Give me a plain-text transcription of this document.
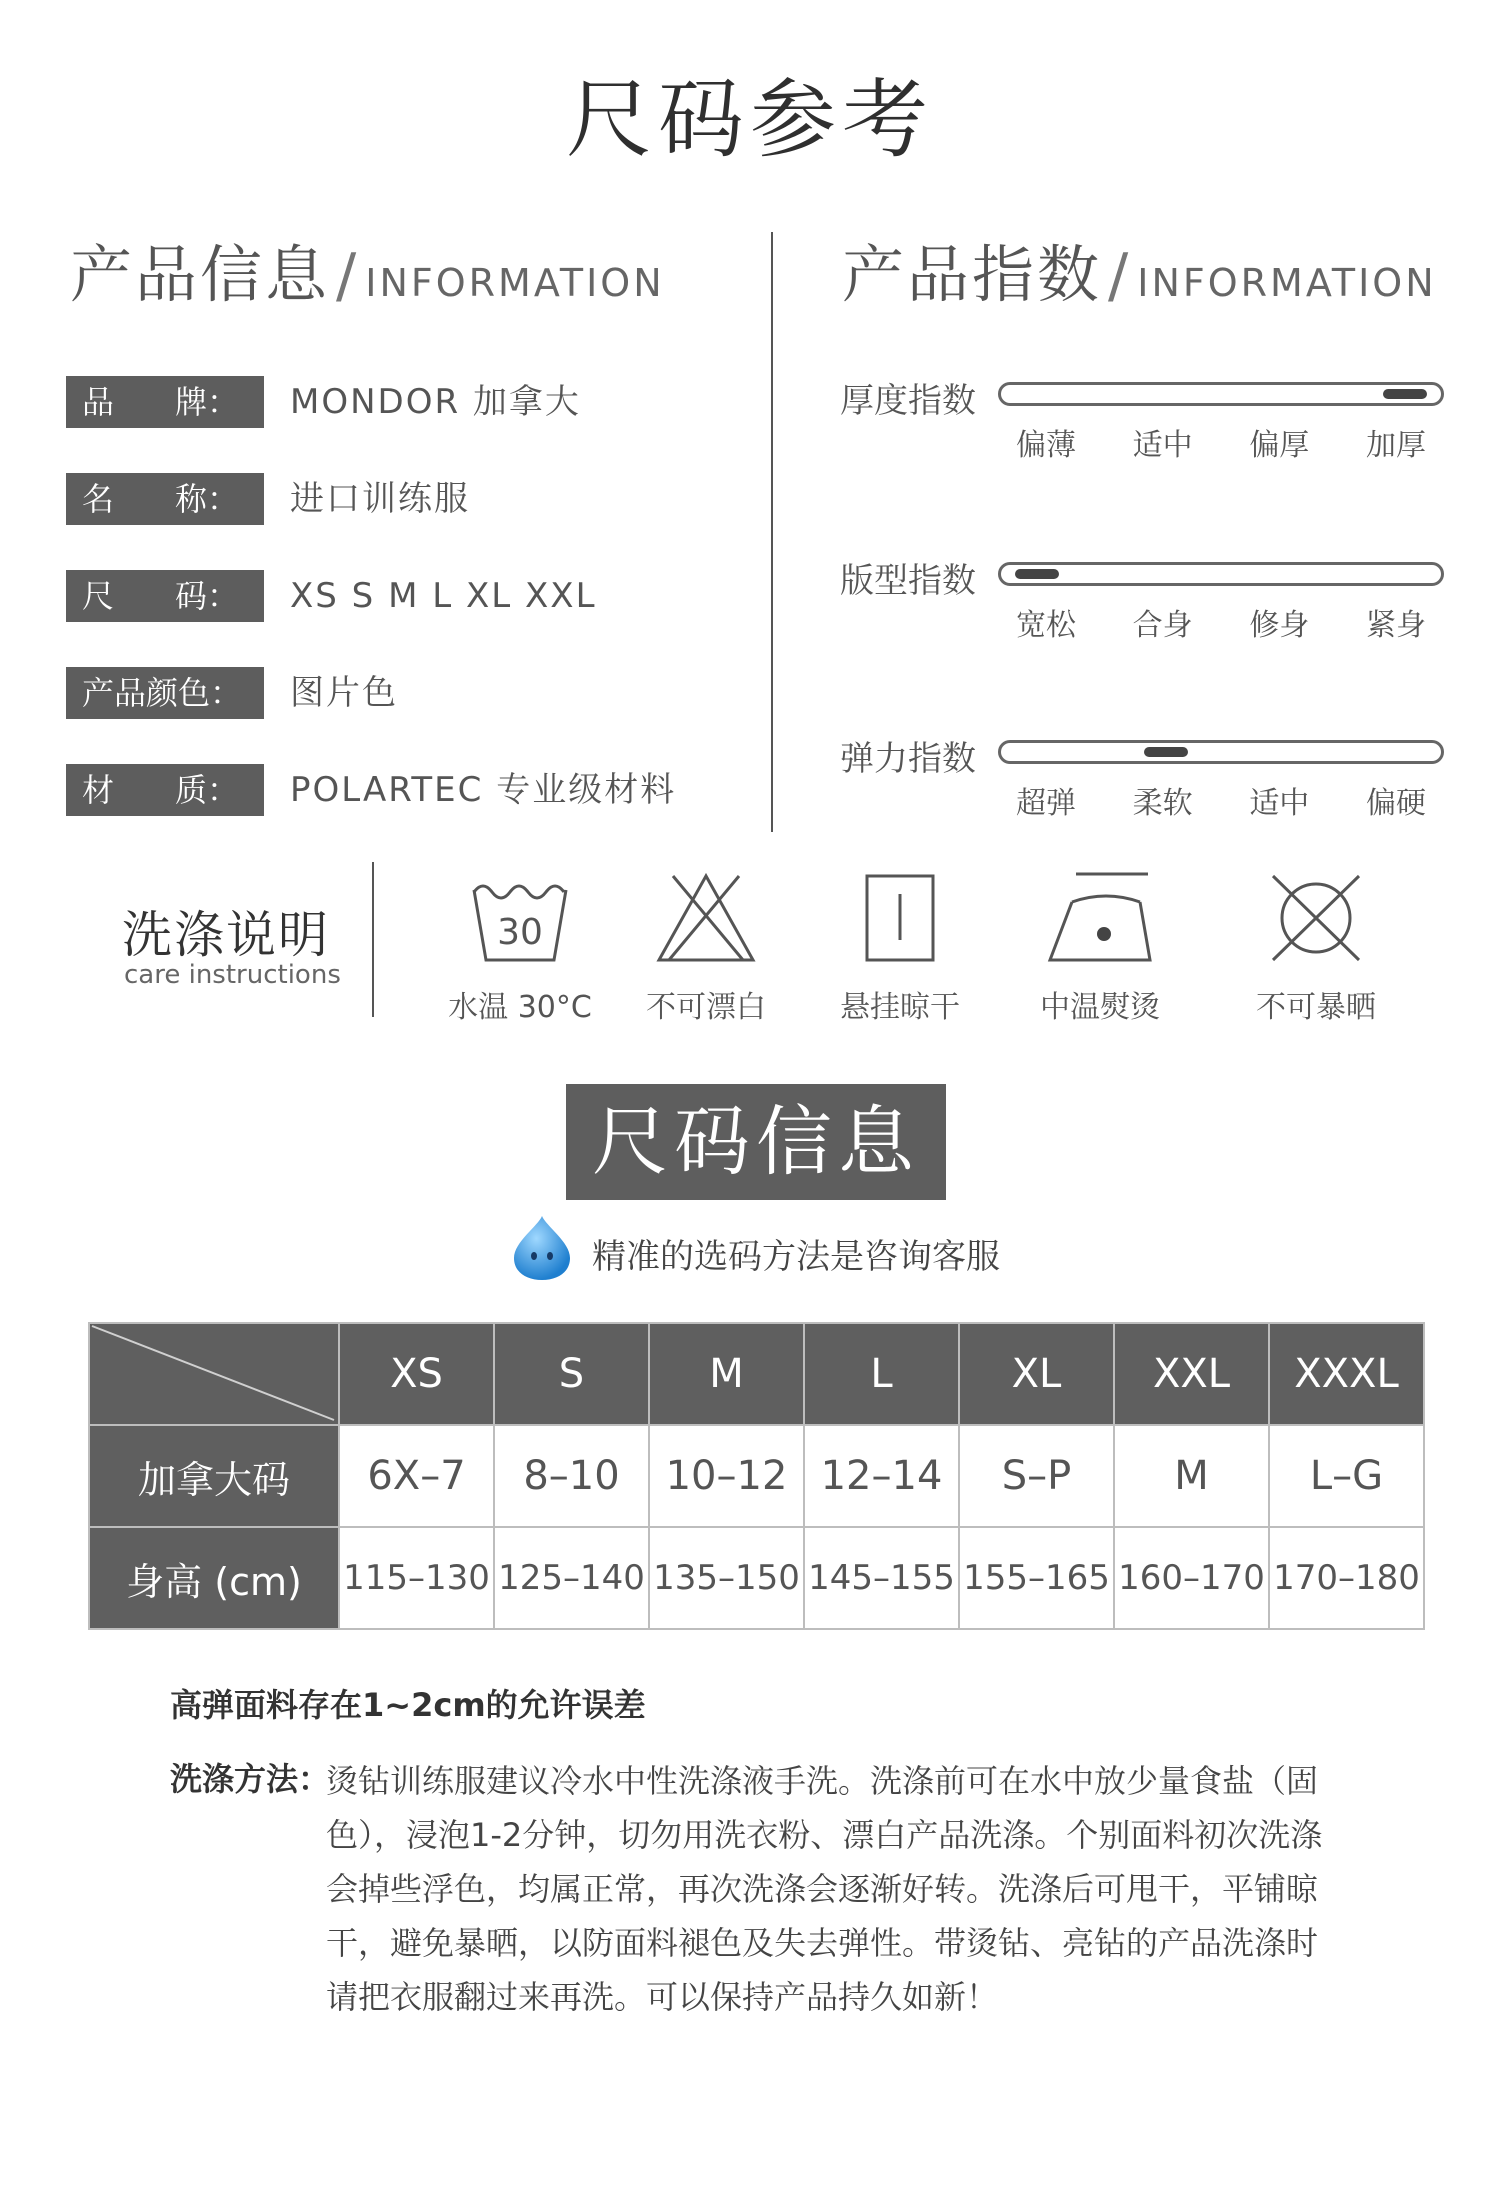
尺码参考
产品信息 / INFORMATION	产品指数 / INFORMATION
品      牌：	MONDOR 加拿大
名      称：	进口训练服
尺      码：	XS S M L XL XXL
产品颜色：	图片色
材      质：	POLARTEC 专业级材料
厚度指数
偏薄	适中	偏厚	加厚
版型指数
宽松	合身	修身	紧身
弹力指数
超弹	柔软	适中	偏硬
洗涤说明
care instructions
30
水温 30°C	不可漂白	悬挂晾干	中温熨烫	不可暴晒
尺码信息
精准的选码方法是咨询客服
	XS	S	M	L	XL	XXL	XXXL
加拿大码	6X–7	8–10	10–12	12–14	S–P	M	L–G
身高 (cm)	115–130	125–140	135–150	145–155	155–165	160–170	170–180
高弹面料存在1~2cm的允许误差
洗涤方法：
烫钻训练服建议冷水中性洗涤液手洗。洗涤前可在水中放少量食盐（固色），浸泡1-2分钟，切勿用洗衣粉、漂白产品洗涤。个别面料初次洗涤会掉些浮色，均属正常，再次洗涤会逐渐好转。洗涤后可甩干，平铺晾干，避免暴晒，以防面料褪色及失去弹性。带烫钻、亮钻的产品洗涤时请把衣服翻过来再洗。可以保持产品持久如新！
